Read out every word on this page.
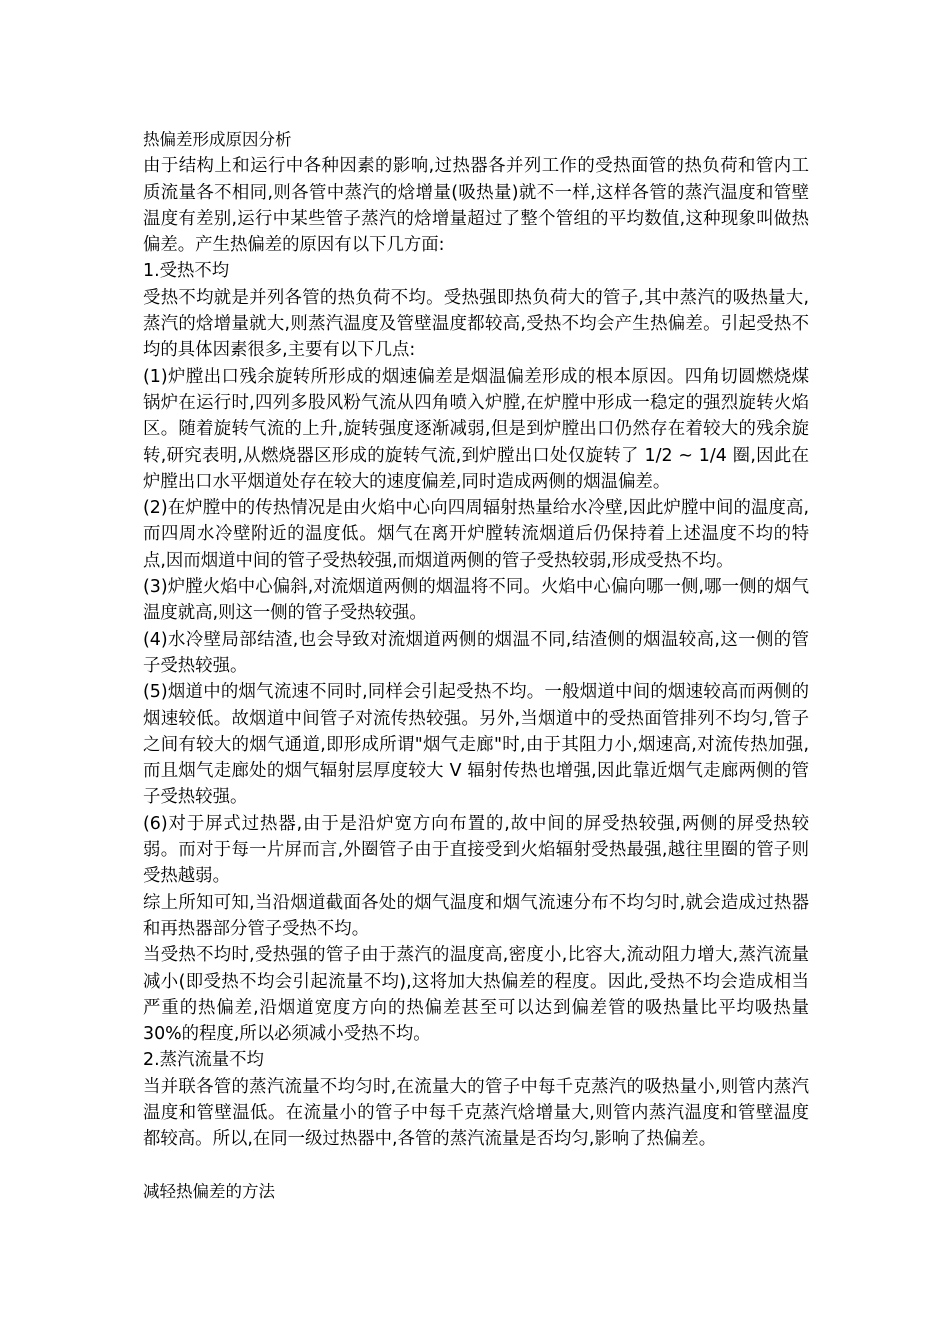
热偏差形成原因分析

由于结构上和运行中各种因素的影响,过热器各并列工作的受热面管的热负荷和管内工质流量各不相同,则各管中蒸汽的焓增量(吸热量)就不一样,这样各管的蒸汽温度和管壁温度有差别,运行中某些管子蒸汽的焓增量超过了整个管组的平均数值,这种现象叫做热偏差。产生热偏差的原因有以下几方面:

1.受热不均

受热不均就是并列各管的热负荷不均。受热强即热负荷大的管子,其中蒸汽的吸热量大,蒸汽的焓增量就大,则蒸汽温度及管壁温度都较高,受热不均会产生热偏差。引起受热不均的具体因素很多,主要有以下几点:

(1)炉膛出口残余旋转所形成的烟速偏差是烟温偏差形成的根本原因。四角切圆燃烧煤锅炉在运行时,四列多股风粉气流从四角喷入炉膛,在炉膛中形成一稳定的强烈旋转火焰区。随着旋转气流的上升,旋转强度逐渐减弱,但是到炉膛出口仍然存在着较大的残余旋转,研究表明,从燃烧器区形成的旋转气流,到炉膛出口处仅旋转了 1/2 ~ 1/4 圈,因此在炉膛出口水平烟道处存在较大的速度偏差,同时造成两侧的烟温偏差。

(2)在炉膛中的传热情况是由火焰中心向四周辐射热量给水冷壁,因此炉膛中间的温度高,而四周水冷壁附近的温度低。烟气在离开炉膛转流烟道后仍保持着上述温度不均的特点,因而烟道中间的管子受热较强,而烟道两侧的管子受热较弱,形成受热不均。

(3)炉膛火焰中心偏斜,对流烟道两侧的烟温将不同。火焰中心偏向哪一侧,哪一侧的烟气温度就高,则这一侧的管子受热较强。

(4)水冷壁局部结渣,也会导致对流烟道两侧的烟温不同,结渣侧的烟温较高,这一侧的管子受热较强。

(5)烟道中的烟气流速不同时,同样会引起受热不均。一般烟道中间的烟速较高而两侧的烟速较低。故烟道中间管子对流传热较强。另外,当烟道中的受热面管排列不均匀,管子之间有较大的烟气通道,即形成所谓"烟气走廊"时,由于其阻力小,烟速高,对流传热加强,而且烟气走廊处的烟气辐射层厚度较大 V 辐射传热也增强,因此靠近烟气走廊两侧的管子受热较强。

(6)对于屏式过热器,由于是沿炉宽方向布置的,故中间的屏受热较强,两侧的屏受热较弱。而对于每一片屏而言,外圈管子由于直接受到火焰辐射受热最强,越往里圈的管子则受热越弱。

综上所知可知,当沿烟道截面各处的烟气温度和烟气流速分布不均匀时,就会造成过热器和再热器部分管子受热不均。

当受热不均时,受热强的管子由于蒸汽的温度高,密度小,比容大,流动阻力增大,蒸汽流量减小(即受热不均会引起流量不均),这将加大热偏差的程度。因此,受热不均会造成相当严重的热偏差,沿烟道宽度方向的热偏差甚至可以达到偏差管的吸热量比平均吸热量 30%的程度,所以必须减小受热不均。

2.蒸汽流量不均

当并联各管的蒸汽流量不均匀时,在流量大的管子中每千克蒸汽的吸热量小,则管内蒸汽温度和管壁温低。在流量小的管子中每千克蒸汽焓增量大,则管内蒸汽温度和管壁温度都较高。所以,在同一级过热器中,各管的蒸汽流量是否均匀,影响了热偏差。

减轻热偏差的方法
